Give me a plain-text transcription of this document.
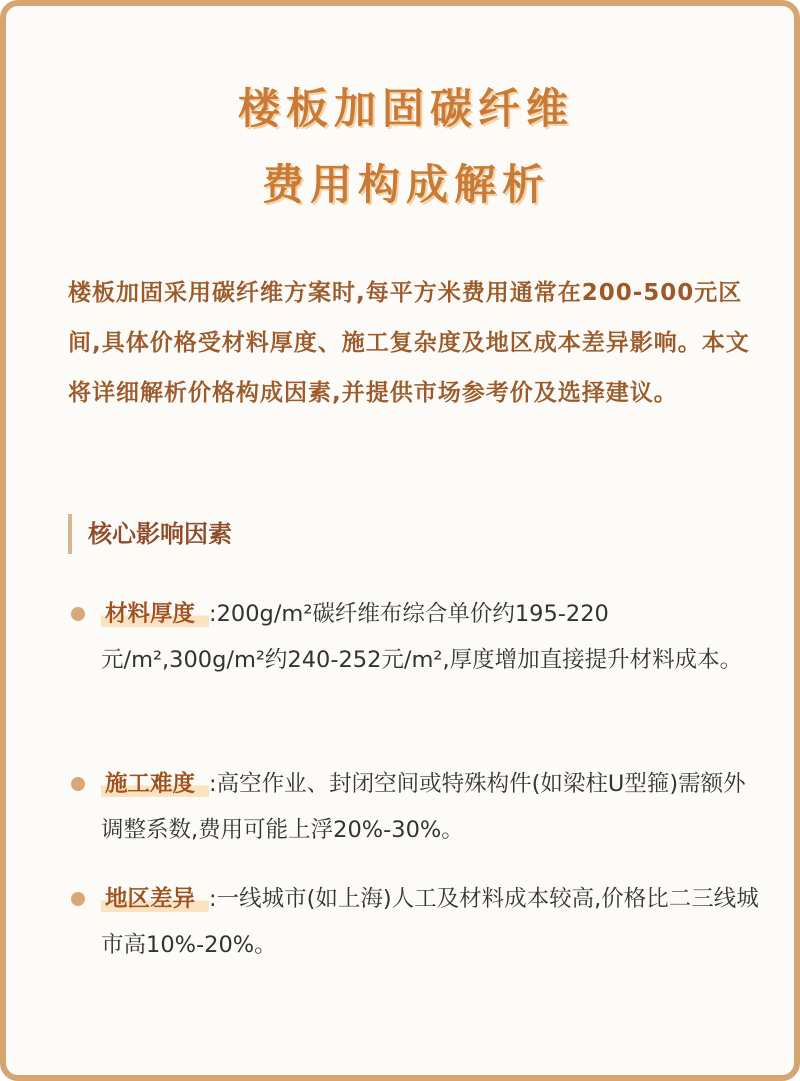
楼板加固碳纤维
费用构成解析
楼板加固采用碳纤维方案时,每平方米费用通常在200-500元区间,具体价格受材料厚度、施工复杂度及地区成本差异影响。本文将详细解析价格构成因素,并提供市场参考价及选择建议。
核心影响因素
材料厚度 :200g/m²碳纤维布综合单价约195-220元/m²,300g/m²约240-252元/m²,厚度增加直接提升材料成本。
施工难度 :高空作业、封闭空间或特殊构件(如梁柱U型箍)需额外调整系数,费用可能上浮20%-30%。
地区差异 :一线城市(如上海)人工及材料成本较高,价格比二三线城市高10%-20%。
